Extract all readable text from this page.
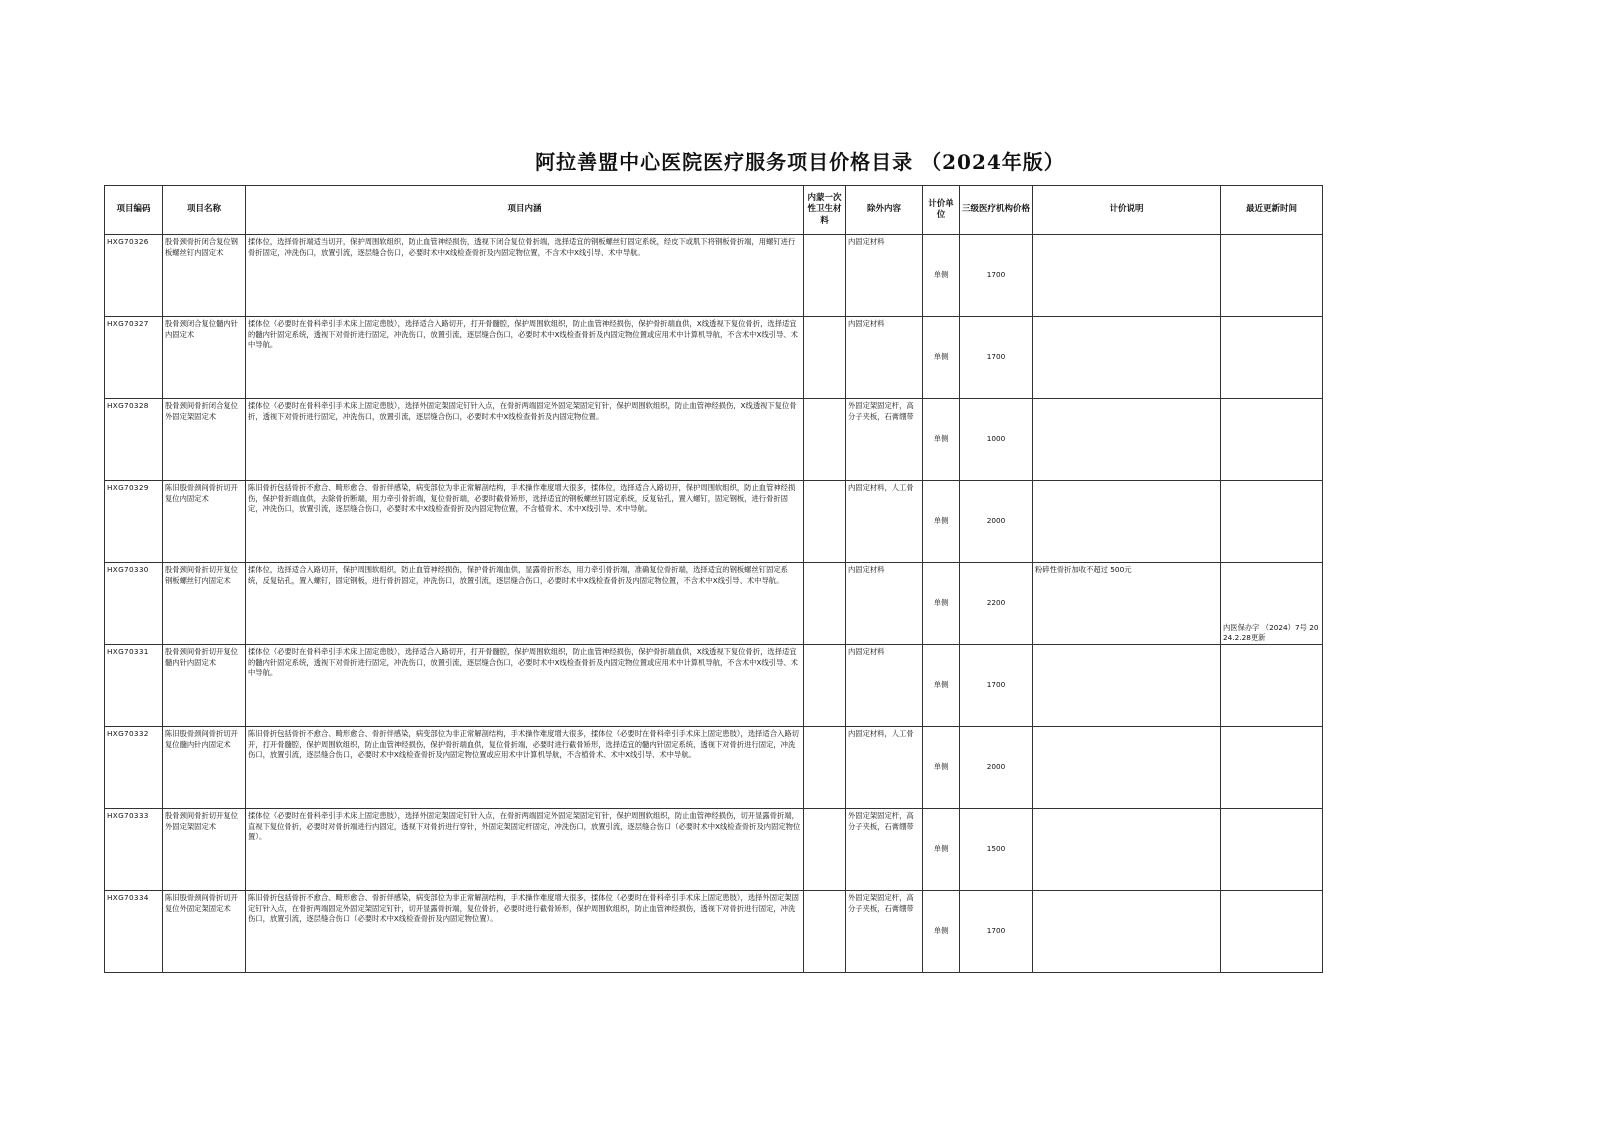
阿拉善盟中心医院医疗服务项目价格目录 （2024年版）
项目编码	项目名称	项目内涵	内蒙一次性卫生材料	除外内容	计价单位	三级医疗机构价格	计价说明	最近更新时间
HXG70326	股骨颈骨折闭合复位钢板螺丝钉内固定术	揉体位，选择骨折端适当切开，保护周围软组织，防止血管神经损伤，透视下闭合复位骨折端，选择适宜的钢板螺丝钉固定系统，经皮下或肌下将钢板骨折端，用螺钉进行骨折固定，冲洗伤口，放置引流，逐层缝合伤口，必要时术中X线检查骨折及内固定物位置，不含术中X线引导、术中导航。		内固定材料	单侧	1700		

HXG70327	股骨颈闭合复位髓内针内固定术	揉体位（必要时在骨科牵引手术床上固定患肢），选择适合入路切开，打开骨髓腔，保护周围软组织，防止血管神经损伤，保护骨折端血供，X线透视下复位骨折，选择适宜的髓内针固定系统，透视下对骨折进行固定，冲洗伤口，放置引流，逐层缝合伤口，必要时术中X线检查骨折及内固定物位置或应用术中计算机导航，不含术中X线引导、术中导航。		内固定材料	单侧	1700		

HXG70328	股骨颈间骨折闭合复位外固定架固定术	揉体位（必要时在骨科牵引手术床上固定患肢），选择外固定架固定钉针入点，在骨折两端固定外固定架固定钉针，保护周围软组织，防止血管神经损伤，X线透视下复位骨折，透视下对骨折进行固定，冲洗伤口，放置引流，逐层缝合伤口，必要时术中X线检查骨折及内固定物位置。		外固定架固定杆，高分子夹板，石膏绷带	单侧	1000		

HXG70329	陈旧股骨颈间骨折切开复位内固定术	陈旧骨折包括骨折不愈合、畸形愈合、骨折伴感染，病变部位为非正常解剖结构，手术操作难度增大很多，揉体位，选择适合入路切开，保护周围软组织，防止血管神经损伤，保护骨折端血供，去除骨折断端，用力牵引骨折端，复位骨折端，必要时截骨矫形，选择适宜的钢板螺丝钉固定系统，反复钻孔，置入螺钉，固定钢板，进行骨折固定，冲洗伤口，放置引流，逐层缝合伤口，必要时术中X线检查骨折及内固定物位置，不含植骨术、术中X线引导、术中导航。		内固定材料，人工骨	单侧	2000		

HXG70330	股骨颈间骨折切开复位钢板螺丝钉内固定术	揉体位，选择适合入路切开，保护周围软组织，防止血管神经损伤，保护骨折端血供，显露骨折形态，用力牵引骨折端，准确复位骨折端，选择适宜的钢板螺丝钉固定系统，反复钻孔，置入螺钉，固定钢板，进行骨折固定，冲洗伤口，放置引流，逐层缝合伤口，必要时术中X线检查骨折及内固定物位置，不含术中X线引导、术中导航。		内固定材料	单侧	2200	粉碎性骨折加收不超过 500元	内医保办字 （2024）7号 2024.2.28更新

HXG70331	股骨颈间骨折切开复位髓内针内固定术	揉体位（必要时在骨科牵引手术床上固定患肢），选择适合入路切开，打开骨髓腔，保护周围软组织，防止血管神经损伤，保护骨折端血供，X线透视下复位骨折，选择适宜的髓内针固定系统，透视下对骨折进行固定，冲洗伤口，放置引流，逐层缝合伤口，必要时术中X线检查骨折及内固定物位置或应用术中计算机导航，不含术中X线引导、术中导航。		内固定材料	单侧	1700		

HXG70332	陈旧股骨颈间骨折切开复位髓内针内固定术	陈旧骨折包括骨折不愈合、畸形愈合、骨折伴感染，病变部位为非正常解剖结构，手术操作难度增大很多，揉体位（必要时在骨科牵引手术床上固定患肢），选择适合入路切开，打开骨髓腔，保护周围软组织，防止血管神经损伤，保护骨折端血供，复位骨折端，必要时进行截骨矫形，选择适宜的髓内针固定系统，透视下对骨折进行固定，冲洗伤口，放置引流，逐层缝合伤口，必要时术中X线检查骨折及内固定物位置或应用术中计算机导航，不含植骨术、术中X线引导、术中导航。		内固定材料，人工骨	单侧	2000		

HXG70333	股骨颈间骨折切开复位外固定架固定术	揉体位（必要时在骨科牵引手术床上固定患肢），选择外固定架固定钉针入点，在骨折两端固定外固定架固定钉针，保护周围软组织，防止血管神经损伤，切开显露骨折端，直视下复位骨折，必要时对骨折端进行内固定，透视下对骨折进行穿针，外固定架固定杆固定，冲洗伤口，放置引流，逐层缝合伤口（必要时术中X线检查骨折及内固定物位置）。		外固定架固定杆，高分子夹板，石膏绷带	单侧	1500		

HXG70334	陈旧股骨颈间骨折切开复位外固定架固定术	陈旧骨折包括骨折不愈合、畸形愈合、骨折伴感染，病变部位为非正常解剖结构，手术操作难度增大很多，揉体位（必要时在骨科牵引手术床上固定患肢），选择外固定架固定钉针入点，在骨折两端固定外固定架固定钉针，切开显露骨折端，复位骨折，必要时进行截骨矫形，保护周围软组织，防止血管神经损伤，透视下对骨折进行固定，冲洗伤口，放置引流，逐层缝合伤口（必要时术中X线检查骨折及内固定物位置）。		外固定架固定杆，高分子夹板，石膏绷带	单侧	1700		
